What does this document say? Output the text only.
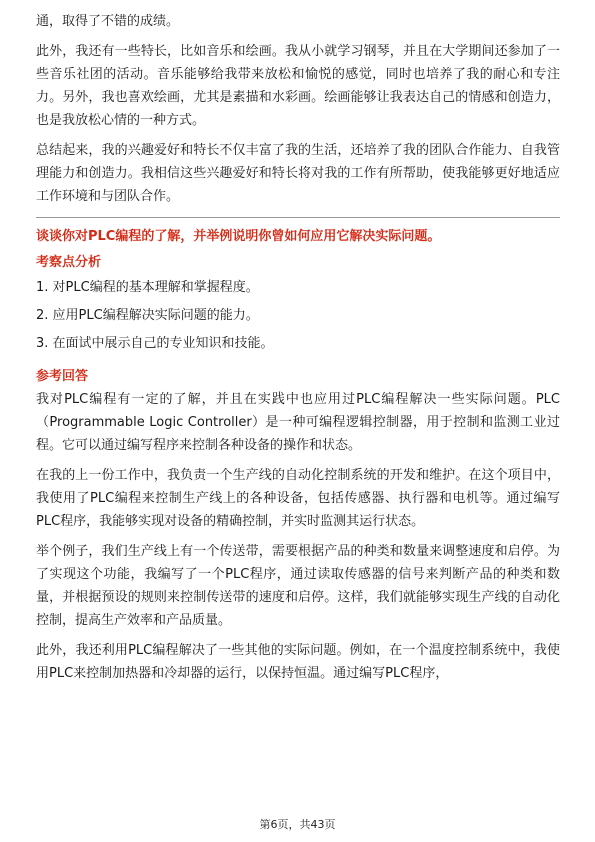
通，取得了不错的成绩。

此外，我还有一些特长，比如音乐和绘画。我从小就学习钢琴，并且在大学期间还参加了一些音乐社团的活动。音乐能够给我带来放松和愉悦的感觉，同时也培养了我的耐心和专注力。另外，我也喜欢绘画，尤其是素描和水彩画。绘画能够让我表达自己的情感和创造力，也是我放松心情的一种方式。

总结起来，我的兴趣爱好和特长不仅丰富了我的生活，还培养了我的团队合作能力、自我管理能力和创造力。我相信这些兴趣爱好和特长将对我的工作有所帮助，使我能够更好地适应工作环境和与团队合作。

谈谈你对PLC编程的了解，并举例说明你曾如何应用它解决实际问题。
考察点分析
1. 对PLC编程的基本理解和掌握程度。
2. 应用PLC编程解决实际问题的能力。
3. 在面试中展示自己的专业知识和技能。
参考回答

我对PLC编程有一定的了解，并且在实践中也应用过PLC编程解决一些实际问题。PLC（Programmable Logic Controller）是一种可编程逻辑控制器，用于控制和监测工业过程。它可以通过编写程序来控制各种设备的操作和状态。

在我的上一份工作中，我负责一个生产线的自动化控制系统的开发和维护。在这个项目中，我使用了PLC编程来控制生产线上的各种设备，包括传感器、执行器和电机等。通过编写PLC程序，我能够实现对设备的精确控制，并实时监测其运行状态。

举个例子，我们生产线上有一个传送带，需要根据产品的种类和数量来调整速度和启停。为了实现这个功能，我编写了一个PLC程序，通过读取传感器的信号来判断产品的种类和数量，并根据预设的规则来控制传送带的速度和启停。这样，我们就能够实现生产线的自动化控制，提高生产效率和产品质量。

此外，我还利用PLC编程解决了一些其他的实际问题。例如，在一个温度控制系统中，我使用PLC来控制加热器和冷却器的运行，以保持恒温。通过编写PLC程序，

第6页，共43页
